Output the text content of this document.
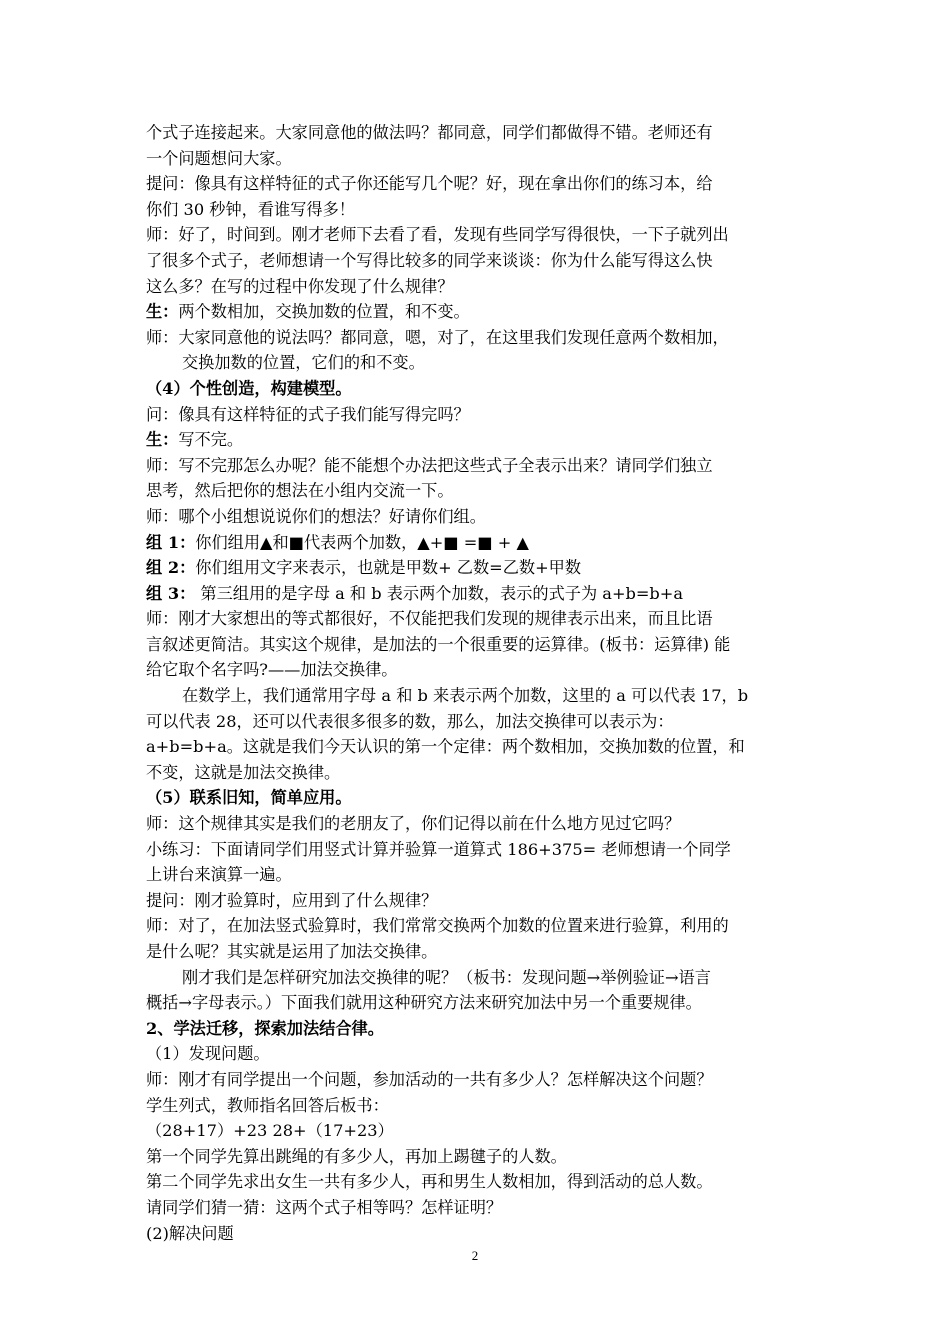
个式子连接起来。大家同意他的做法吗？都同意，同学们都做得不错。老师还有
一个问题想问大家。
提问：像具有这样特征的式子你还能写几个呢？好，现在拿出你们的练习本，给
你们 30 秒钟，看谁写得多！
师：好了，时间到。刚才老师下去看了看，发现有些同学写得很快，一下子就列出
了很多个式子，老师想请一个写得比较多的同学来谈谈：你为什么能写得这么快
这么多？在写的过程中你发现了什么规律？
生：两个数相加，交换加数的位置，和不变。
师：大家同意他的说法吗？都同意，嗯，对了，在这里我们发现任意两个数相加，
交换加数的位置，它们的和不变。
（4）个性创造，构建模型。
问：像具有这样特征的式子我们能写得完吗？
生：写不完。
师：写不完那怎么办呢？能不能想个办法把这些式子全表示出来？请同学们独立
思考，然后把你的想法在小组内交流一下。
师：哪个小组想说说你们的想法？好请你们组。
组 1：你们组用▲和■代表两个加数，▲+■ =■ + ▲
组 2：你们组用文字来表示，也就是甲数+ 乙数=乙数+甲数
组 3： 第三组用的是字母 a 和 b 表示两个加数，表示的式子为 a+b=b+a
师：刚才大家想出的等式都很好，不仅能把我们发现的规律表示出来，而且比语
言叙述更简洁。其实这个规律，是加法的一个很重要的运算律。(板书：运算律) 能
给它取个名字吗?——加法交换律。
在数学上，我们通常用字母 a 和 b 来表示两个加数，这里的 a 可以代表 17，b
可以代表 28，还可以代表很多很多的数，那么，加法交换律可以表示为：
a+b=b+a。这就是我们今天认识的第一个定律：两个数相加，交换加数的位置，和
不变，这就是加法交换律。
（5）联系旧知，简单应用。
师：这个规律其实是我们的老朋友了，你们记得以前在什么地方见过它吗？
小练习：下面请同学们用竖式计算并验算一道算式 186+375= 老师想请一个同学
上讲台来演算一遍。
提问：刚才验算时，应用到了什么规律？
师：对了，在加法竖式验算时，我们常常交换两个加数的位置来进行验算，利用的
是什么呢？其实就是运用了加法交换律。
刚才我们是怎样研究加法交换律的呢？（板书：发现问题→举例验证→语言
概括→字母表示。）下面我们就用这种研究方法来研究加法中另一个重要规律。
2、学法迁移，探索加法结合律。
（1）发现问题。
师：刚才有同学提出一个问题，参加活动的一共有多少人？怎样解决这个问题？
学生列式，教师指名回答后板书：
（28+17）+23 28+（17+23）
第一个同学先算出跳绳的有多少人，再加上踢毽子的人数。
第二个同学先求出女生一共有多少人，再和男生人数相加，得到活动的总人数。
请同学们猜一猜：这两个式子相等吗？怎样证明？
(2)解决问题
2
